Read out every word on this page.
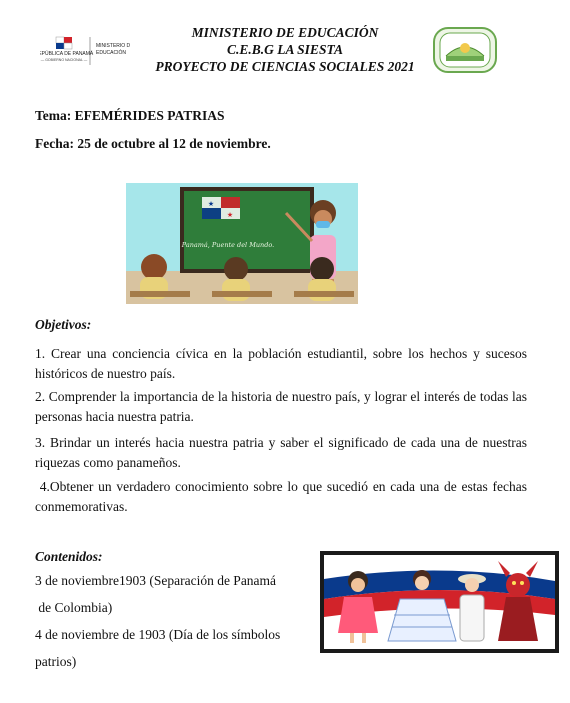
REPÚBLICA DE PANAMÁ
— GOBIERNO NACIONAL —
MINISTERIO DE
EDUCACIÓN
MINISTERIO DE EDUCACIÓN
C.E.B.G LA SIESTA
PROYECTO DE CIENCIAS SOCIALES 2021
Tema: EFEMÉRIDES PATRIAS
Fecha: 25 de octubre al 12 de noviembre.
★
★
Panamá, Puente del Mundo.
Objetivos:
1. Crear una conciencia cívica en la población estudiantil, sobre los hechos y sucesos históricos de nuestro país.
2. Comprender la importancia de la historia de nuestro país, y lograr el interés de todas las personas hacia nuestra patria.
3. Brindar un interés hacia nuestra patria y saber el significado de cada una de nuestras riquezas como panameños.
4.Obtener un verdadero conocimiento sobre lo que sucedió en cada una de estas fechas conmemorativas.
Contenidos:
3 de noviembre1903 (Separación de Panamá
de Colombia)
4 de noviembre de 1903 (Día de los símbolos
patrios)
